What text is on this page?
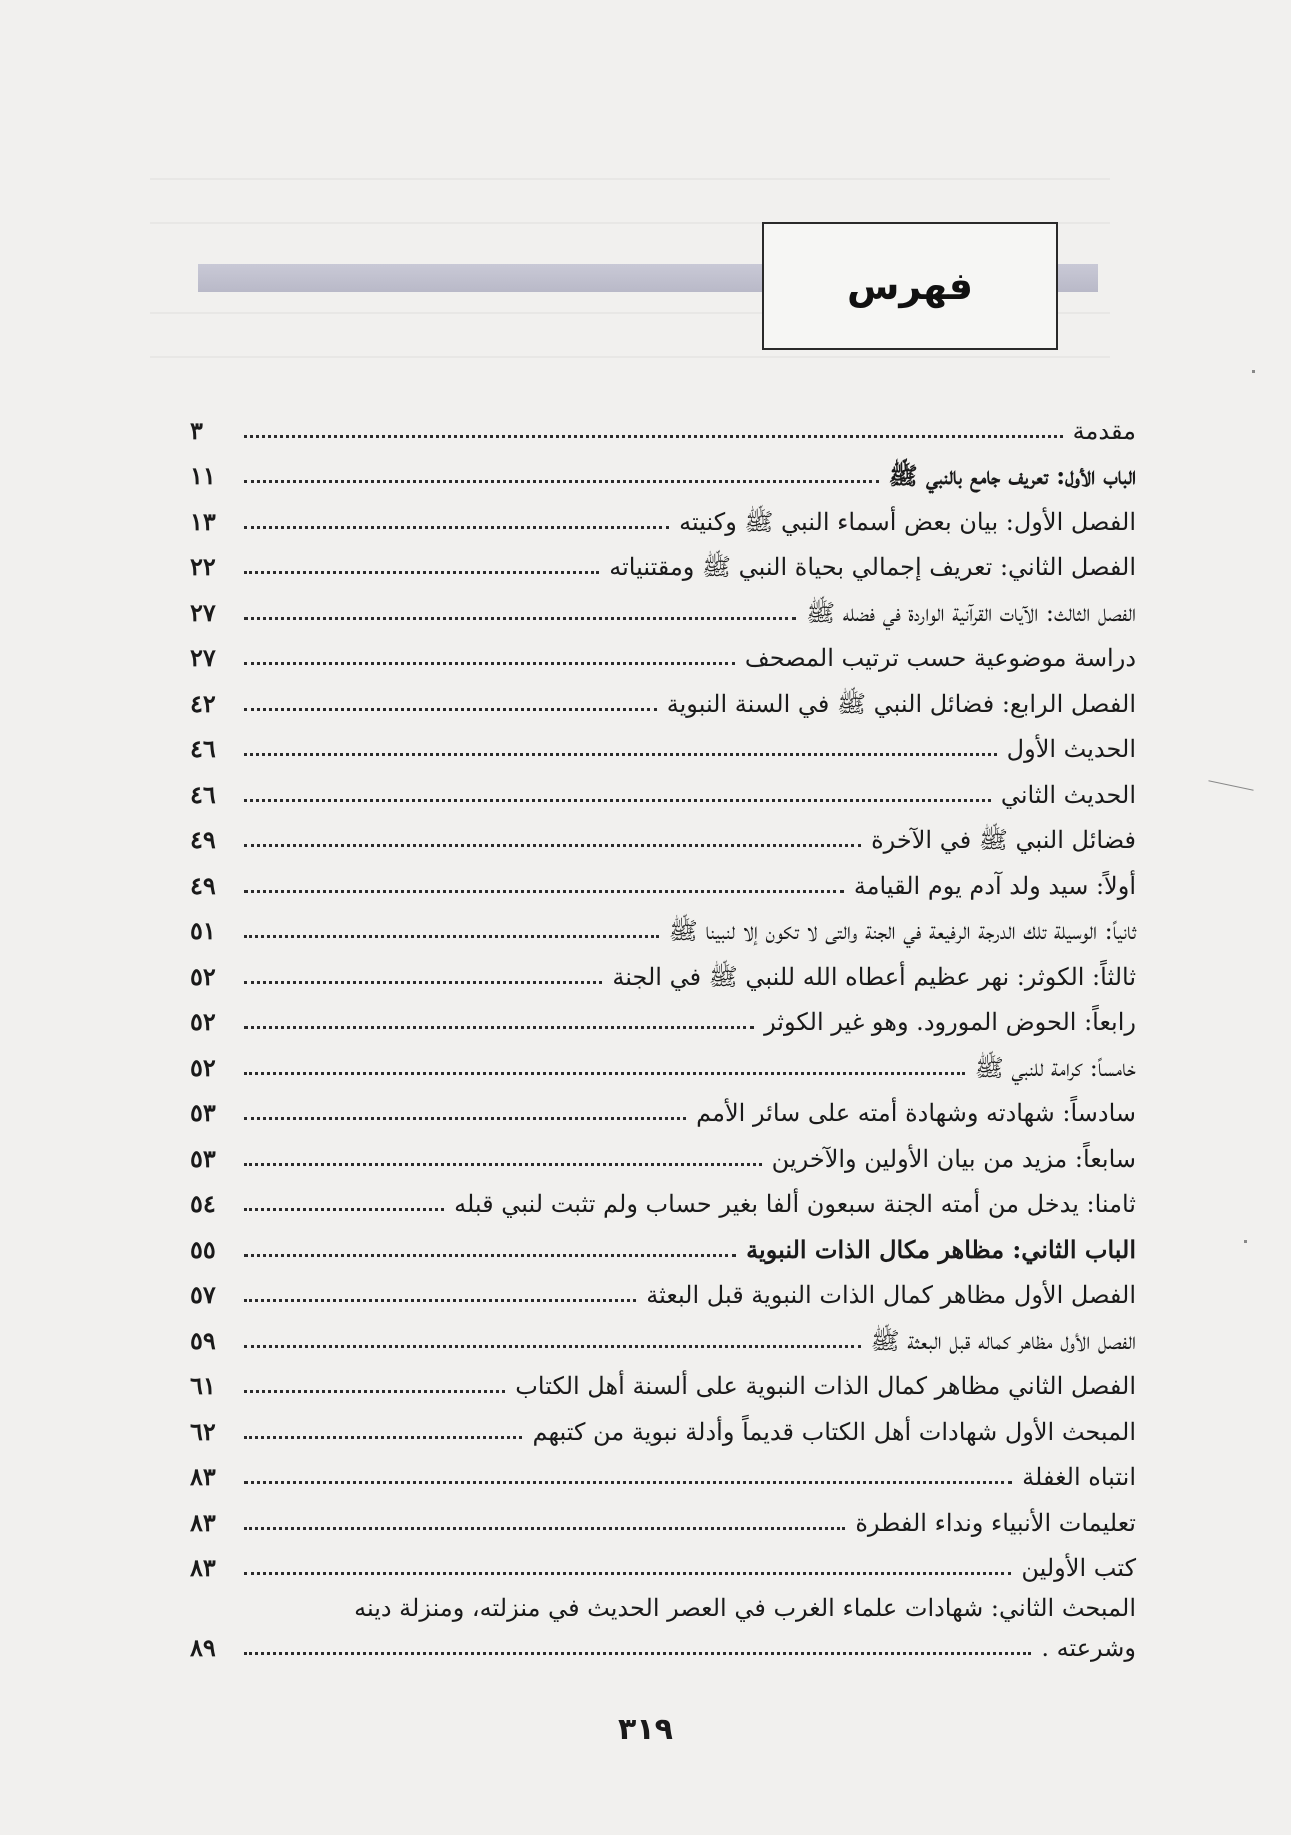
فهرس
مقدمة
٣
الباب الأول: تعريف جامع بالنبي ﷺ
١١
الفصل الأول: بيان بعض أسماء النبي ﷺ وكنيته
١٣
الفصل الثاني: تعريف إجمالي بحياة النبي ﷺ ومقتنياته
٢٢
الفصل الثالث: الآيات القرآنية الواردة في فضله ﷺ
٢٧
دراسة موضوعية حسب ترتيب المصحف
٢٧
الفصل الرابع: فضائل النبي ﷺ في السنة النبوية
٤٢
الحديث الأول
٤٦
الحديث الثاني
٤٦
فضائل النبي ﷺ في الآخرة
٤٩
أولاً: سيد ولد آدم يوم القيامة
٤٩
ثانياً: الوسيلة تلك الدرجة الرفيعة في الجنة والتى لا تكون إلا لنبينا ﷺ
٥١
ثالثاً: الكوثر: نهر عظيم أعطاه الله للنبي ﷺ في الجنة
٥٢
رابعاً: الحوض المورود. وهو غير الكوثر
٥٢
خامساً: كرامة للنبي ﷺ
٥٢
سادساً: شهادته وشهادة أمته على سائر الأمم
٥٣
سابعاً: مزيد من بيان الأولين والآخرين
٥٣
ثامنا: يدخل من أمته الجنة سبعون ألفا بغير حساب ولم تثبت لنبي قبله
٥٤
الباب الثاني: مظاهر مكال الذات النبوية
٥٥
الفصل الأول مظاهر كمال الذات النبوية قبل البعثة
٥٧
الفصل الأول مظاهر كماله قبل البعثة ﷺ
٥٩
الفصل الثاني مظاهر كمال الذات النبوية على ألسنة أهل الكتاب
٦١
المبحث الأول شهادات أهل الكتاب قديماً وأدلة نبوية من كتبهم
٦٢
انتباه الغفلة
٨٣
تعليمات الأنبياء ونداء الفطرة
٨٣
كتب الأولين
٨٣
المبحث الثاني: شهادات علماء الغرب في العصر الحديث في منزلته، ومنزلة دينه
وشرعته .
٨٩
٣١٩
